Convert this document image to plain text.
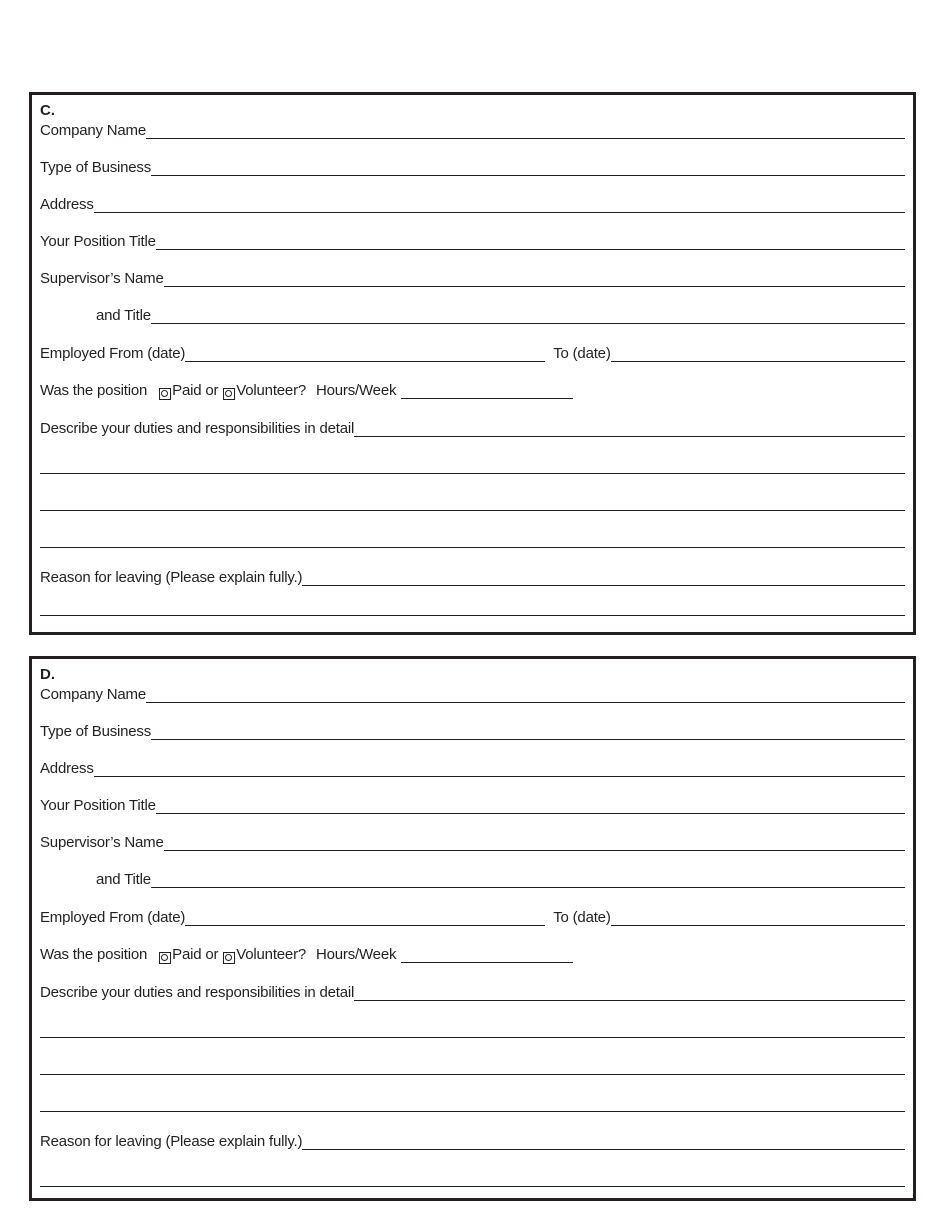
C.
Company Name
Type of Business
Address
Your Position Title
Supervisor’s Name
and Title
Employed From (date)	To (date)
Was the position Paid or Volunteer? Hours/Week
Describe your duties and responsibilities in detail
Reason for leaving (Please explain fully.)
D.
Company Name
Type of Business
Address
Your Position Title
Supervisor’s Name
and Title
Employed From (date)	To (date)
Was the position Paid or Volunteer? Hours/Week
Describe your duties and responsibilities in detail
Reason for leaving (Please explain fully.)
